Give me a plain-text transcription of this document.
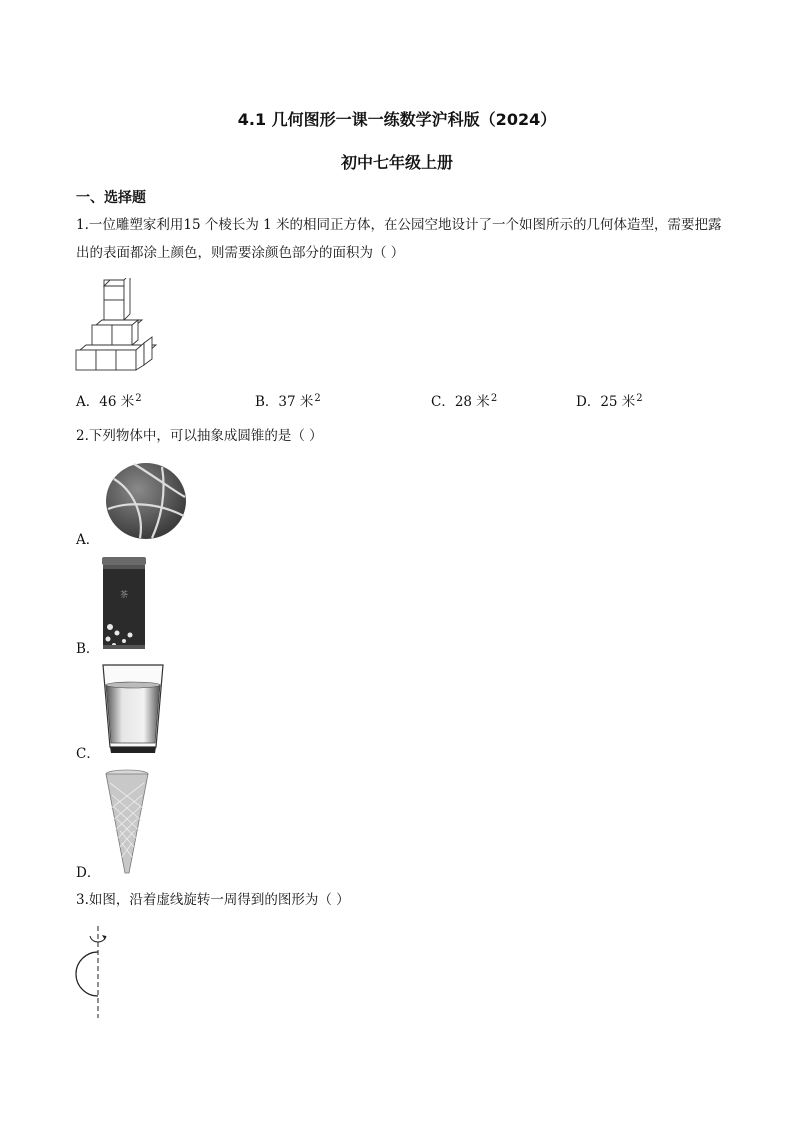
4.1 几何图形一课一练数学沪科版（2024）
初中七年级上册
一、选择题
1.一位雕塑家利用15 个棱长为 1 米的相同正方体，在公园空地设计了一个如图所示的几何体造型，需要把露出的表面都涂上颜色，则需要涂颜色部分的面积为（ ）
A．46 米$^2$	B．37 米$^2$	C．28 米$^2$	D．25 米$^2$
2.下列物体中，可以抽象成圆锥的是（ ）
A．
茶
B．
C．
D．
3.如图，沿着虚线旋转一周得到的图形为（ ）
